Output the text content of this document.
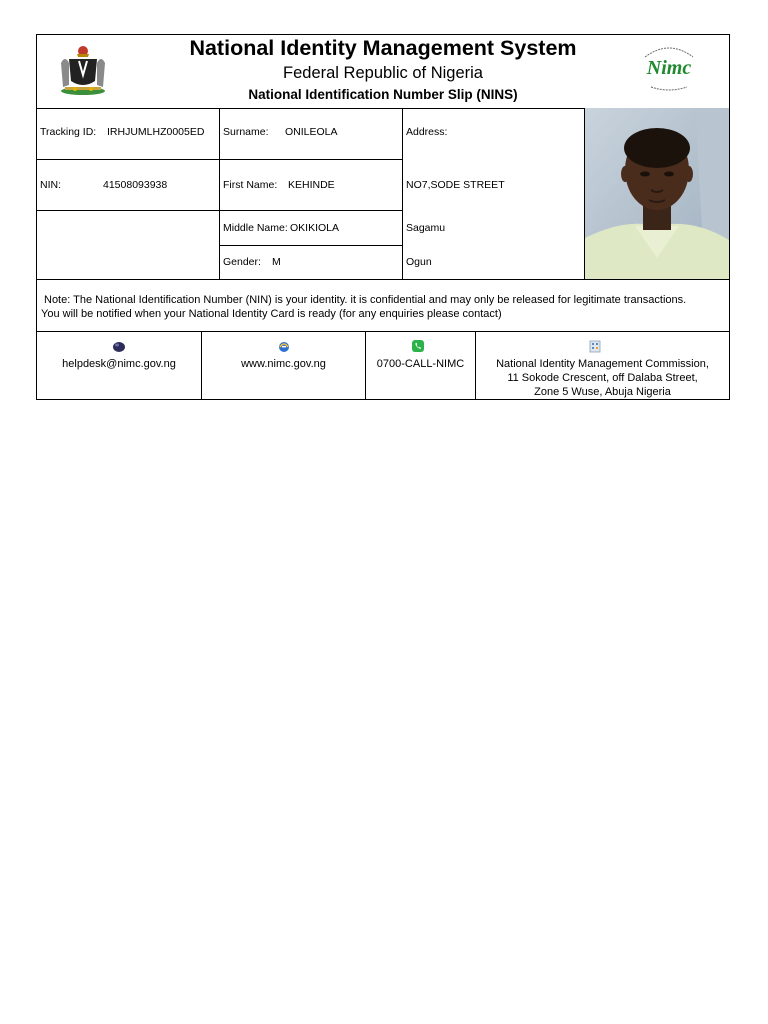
National Identity Management System
Federal Republic of Nigeria
National Identification Number Slip (NINS)
Nimc
Tracking ID: IRHJUMLHZ0005ED
NIN:	41508093938
Surname: ONILEOLA
First Name: KEHINDE
Middle Name: OKIKIOLA
Gender: M
Address:
NO7,SODE STREET
Sagamu
Ogun
Note: The National Identification Number (NIN) is your identity. it is confidential and may only be released for legitimate transactions.
You will be notified when your National Identity Card is ready (for any enquiries please contact)
helpdesk@nimc.gov.ng	www.nimc.gov.ng	0700-CALL-NIMC	National Identity Management Commission,
11 Sokode Crescent, off Dalaba Street,
Zone 5 Wuse, Abuja Nigeria
